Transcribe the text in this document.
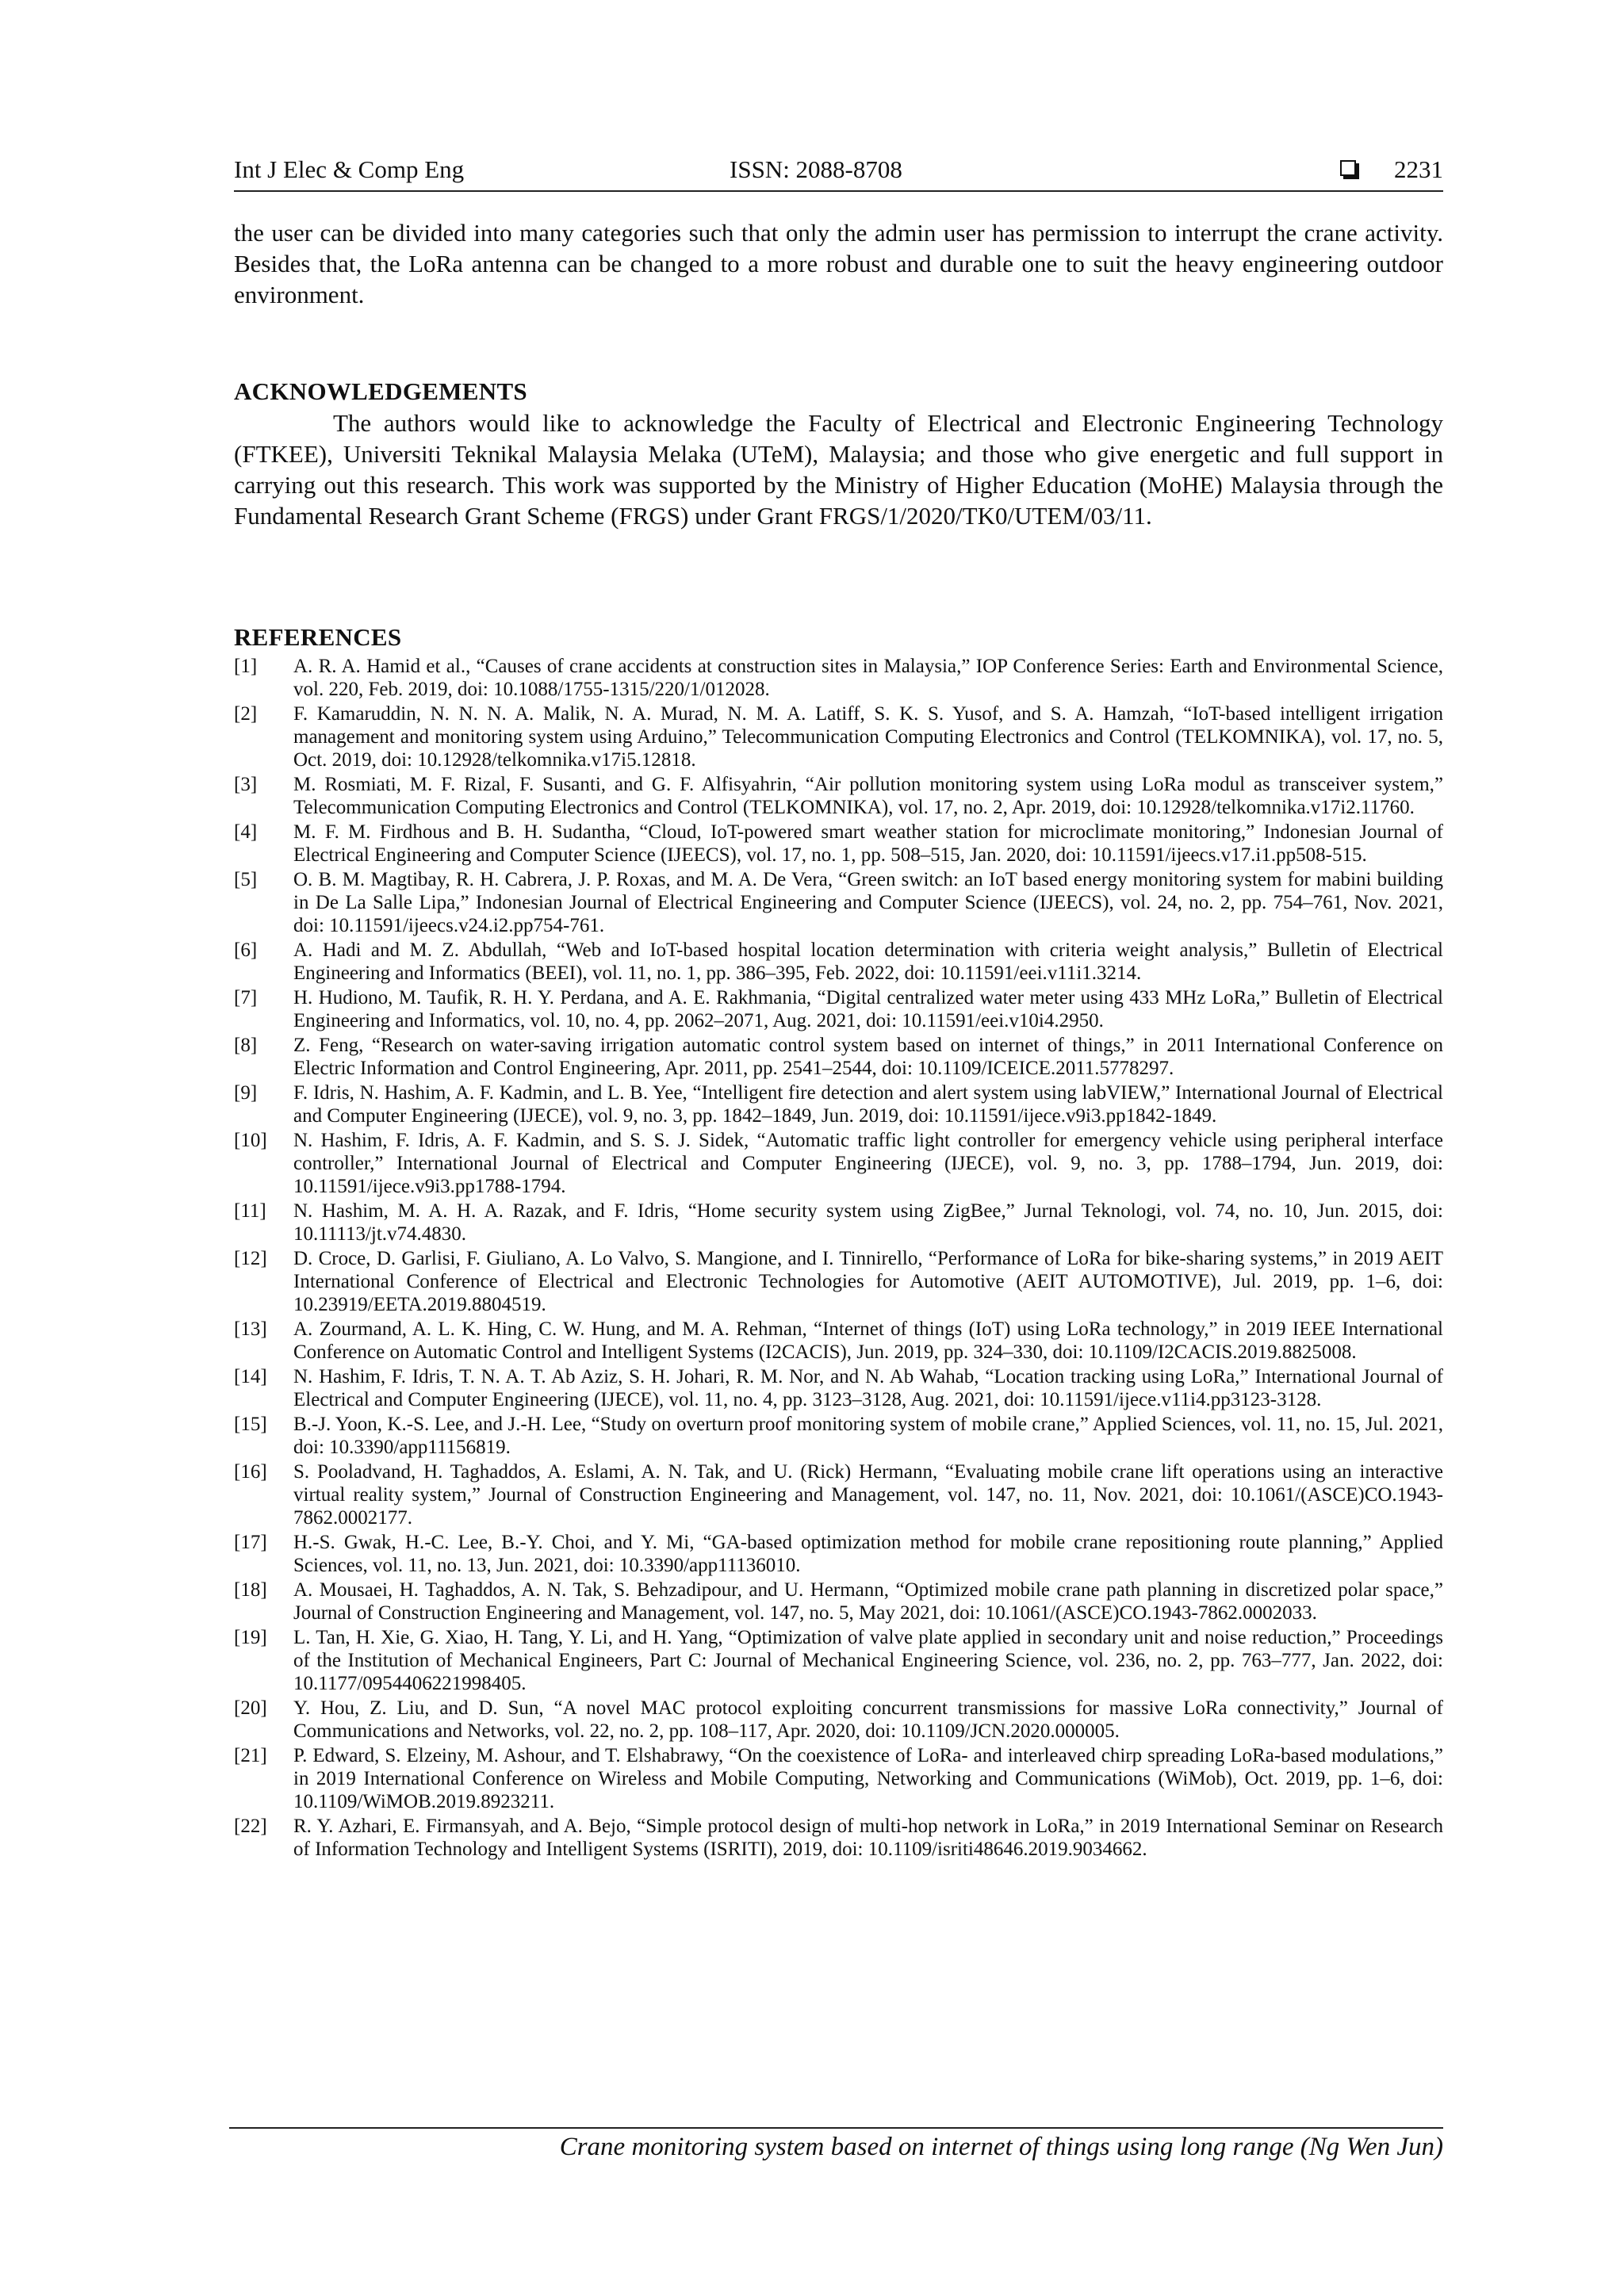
Int J Elec & Comp Eng	ISSN: 2088-8708	2231
the user can be divided into many categories such that only the admin user has permission to interrupt the crane activity. Besides that, the LoRa antenna can be changed to a more robust and durable one to suit the heavy engineering outdoor environment.
ACKNOWLEDGEMENTS
The authors would like to acknowledge the Faculty of Electrical and Electronic Engineering Technology (FTKEE), Universiti Teknikal Malaysia Melaka (UTeM), Malaysia; and those who give energetic and full support in carrying out this research. This work was supported by the Ministry of Higher Education (MoHE) Malaysia through the Fundamental Research Grant Scheme (FRGS) under Grant FRGS/1/2020/TK0/UTEM/03/11.
REFERENCES
[1]	A. R. A. Hamid et al., “Causes of crane accidents at construction sites in Malaysia,” IOP Conference Series: Earth and Environmental Science, vol. 220, Feb. 2019, doi: 10.1088/1755-1315/220/1/012028.
[2]	F. Kamaruddin, N. N. N. A. Malik, N. A. Murad, N. M. A. Latiff, S. K. S. Yusof, and S. A. Hamzah, “IoT-based intelligent irrigation management and monitoring system using Arduino,” Telecommunication Computing Electronics and Control (TELKOMNIKA), vol. 17, no. 5, Oct. 2019, doi: 10.12928/telkomnika.v17i5.12818.
[3]	M. Rosmiati, M. F. Rizal, F. Susanti, and G. F. Alfisyahrin, “Air pollution monitoring system using LoRa modul as transceiver system,” Telecommunication Computing Electronics and Control (TELKOMNIKA), vol. 17, no. 2, Apr. 2019, doi: 10.12928/telkomnika.v17i2.11760.
[4]	M. F. M. Firdhous and B. H. Sudantha, “Cloud, IoT-powered smart weather station for microclimate monitoring,” Indonesian Journal of Electrical Engineering and Computer Science (IJEECS), vol. 17, no. 1, pp. 508–515, Jan. 2020, doi: 10.11591/ijeecs.v17.i1.pp508-515.
[5]	O. B. M. Magtibay, R. H. Cabrera, J. P. Roxas, and M. A. De Vera, “Green switch: an IoT based energy monitoring system for mabini building in De La Salle Lipa,” Indonesian Journal of Electrical Engineering and Computer Science (IJEECS), vol. 24, no. 2, pp. 754–761, Nov. 2021, doi: 10.11591/ijeecs.v24.i2.pp754-761.
[6]	A. Hadi and M. Z. Abdullah, “Web and IoT-based hospital location determination with criteria weight analysis,” Bulletin of Electrical Engineering and Informatics (BEEI), vol. 11, no. 1, pp. 386–395, Feb. 2022, doi: 10.11591/eei.v11i1.3214.
[7]	H. Hudiono, M. Taufik, R. H. Y. Perdana, and A. E. Rakhmania, “Digital centralized water meter using 433 MHz LoRa,” Bulletin of Electrical Engineering and Informatics, vol. 10, no. 4, pp. 2062–2071, Aug. 2021, doi: 10.11591/eei.v10i4.2950.
[8]	Z. Feng, “Research on water-saving irrigation automatic control system based on internet of things,” in 2011 International Conference on Electric Information and Control Engineering, Apr. 2011, pp. 2541–2544, doi: 10.1109/ICEICE.2011.5778297.
[9]	F. Idris, N. Hashim, A. F. Kadmin, and L. B. Yee, “Intelligent fire detection and alert system using labVIEW,” International Journal of Electrical and Computer Engineering (IJECE), vol. 9, no. 3, pp. 1842–1849, Jun. 2019, doi: 10.11591/ijece.v9i3.pp1842-1849.
[10]	N. Hashim, F. Idris, A. F. Kadmin, and S. S. J. Sidek, “Automatic traffic light controller for emergency vehicle using peripheral interface controller,” International Journal of Electrical and Computer Engineering (IJECE), vol. 9, no. 3, pp. 1788–1794, Jun. 2019, doi: 10.11591/ijece.v9i3.pp1788-1794.
[11]	N. Hashim, M. A. H. A. Razak, and F. Idris, “Home security system using ZigBee,” Jurnal Teknologi, vol. 74, no. 10, Jun. 2015, doi: 10.11113/jt.v74.4830.
[12]	D. Croce, D. Garlisi, F. Giuliano, A. Lo Valvo, S. Mangione, and I. Tinnirello, “Performance of LoRa for bike-sharing systems,” in 2019 AEIT International Conference of Electrical and Electronic Technologies for Automotive (AEIT AUTOMOTIVE), Jul. 2019, pp. 1–6, doi: 10.23919/EETA.2019.8804519.
[13]	A. Zourmand, A. L. K. Hing, C. W. Hung, and M. A. Rehman, “Internet of things (IoT) using LoRa technology,” in 2019 IEEE International Conference on Automatic Control and Intelligent Systems (I2CACIS), Jun. 2019, pp. 324–330, doi: 10.1109/I2CACIS.2019.8825008.
[14]	N. Hashim, F. Idris, T. N. A. T. Ab Aziz, S. H. Johari, R. M. Nor, and N. Ab Wahab, “Location tracking using LoRa,” International Journal of Electrical and Computer Engineering (IJECE), vol. 11, no. 4, pp. 3123–3128, Aug. 2021, doi: 10.11591/ijece.v11i4.pp3123-3128.
[15]	B.-J. Yoon, K.-S. Lee, and J.-H. Lee, “Study on overturn proof monitoring system of mobile crane,” Applied Sciences, vol. 11, no. 15, Jul. 2021, doi: 10.3390/app11156819.
[16]	S. Pooladvand, H. Taghaddos, A. Eslami, A. N. Tak, and U. (Rick) Hermann, “Evaluating mobile crane lift operations using an interactive virtual reality system,” Journal of Construction Engineering and Management, vol. 147, no. 11, Nov. 2021, doi: 10.1061/(ASCE)CO.1943-7862.0002177.
[17]	H.-S. Gwak, H.-C. Lee, B.-Y. Choi, and Y. Mi, “GA-based optimization method for mobile crane repositioning route planning,” Applied Sciences, vol. 11, no. 13, Jun. 2021, doi: 10.3390/app11136010.
[18]	A. Mousaei, H. Taghaddos, A. N. Tak, S. Behzadipour, and U. Hermann, “Optimized mobile crane path planning in discretized polar space,” Journal of Construction Engineering and Management, vol. 147, no. 5, May 2021, doi: 10.1061/(ASCE)CO.1943-7862.0002033.
[19]	L. Tan, H. Xie, G. Xiao, H. Tang, Y. Li, and H. Yang, “Optimization of valve plate applied in secondary unit and noise reduction,” Proceedings of the Institution of Mechanical Engineers, Part C: Journal of Mechanical Engineering Science, vol. 236, no. 2, pp. 763–777, Jan. 2022, doi: 10.1177/0954406221998405.
[20]	Y. Hou, Z. Liu, and D. Sun, “A novel MAC protocol exploiting concurrent transmissions for massive LoRa connectivity,” Journal of Communications and Networks, vol. 22, no. 2, pp. 108–117, Apr. 2020, doi: 10.1109/JCN.2020.000005.
[21]	P. Edward, S. Elzeiny, M. Ashour, and T. Elshabrawy, “On the coexistence of LoRa- and interleaved chirp spreading LoRa-based modulations,” in 2019 International Conference on Wireless and Mobile Computing, Networking and Communications (WiMob), Oct. 2019, pp. 1–6, doi: 10.1109/WiMOB.2019.8923211.
[22]	R. Y. Azhari, E. Firmansyah, and A. Bejo, “Simple protocol design of multi-hop network in LoRa,” in 2019 International Seminar on Research of Information Technology and Intelligent Systems (ISRITI), 2019, doi: 10.1109/isriti48646.2019.9034662.
Crane monitoring system based on internet of things using long range (Ng Wen Jun)
